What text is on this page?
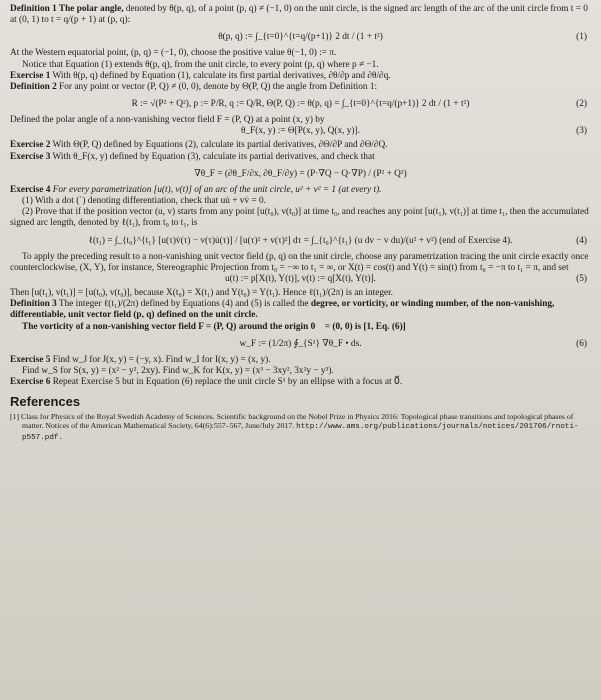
Definition 1 The polar angle, denoted by θ(p, q), of a point (p, q) ≠ (−1, 0) on the unit circle, is the signed arc length of the arc of the unit circle from t = 0 at (0, 1) to t = q/(p + 1) at (p, q):

θ(p, q) := ∫_{t=0}^{t=q/(p+1)} 2 dt / (1 + t²)	(1)

At the Western equatorial point, (p, q) = (−1, 0), choose the positive value θ(−1, 0) := π.

Notice that Equation (1) extends θ(p, q), from the unit circle, to every point (p, q) where p ≠ −1.

Exercise 1 With θ(p, q) defined by Equation (1), calculate its first partial derivatives, ∂θ/∂p and ∂θ/∂q.

Definition 2 For any point or vector (P, Q) ≠ (0, 0), denote by Θ(P, Q) the angle from Definition 1:

R := √(P² + Q²), p := P/R, q := Q/R, Θ(P, Q) := θ(p, q) = ∫_{t=0}^{t=q/(p+1)} 2 dt / (1 + t²)	(2)

Defined the polar angle of a non-vanishing vector field F = (P, Q) at a point (x, y) by

θ_F(x, y) := Θ[P(x, y), Q(x, y)].	(3)

Exercise 2 With Θ(P, Q) defined by Equations (2), calculate its partial derivatives, ∂Θ/∂P and ∂Θ/∂Q.

Exercise 3 With θ_F(x, y) defined by Equation (3), calculate its partial derivatives, and check that

∇θ_F = (∂θ_F/∂x, ∂θ_F/∂y) = (P·∇Q − Q·∇P) / (P² + Q²)

Exercise 4 For every parametrization [u(t), v(t)] of an arc of the unit circle, u² + v² = 1 (at every t).

(1) With a dot (˙) denoting differentiation, check that uu̇ + vv̇ = 0.

(2) Prove that if the position vector (u, v) starts from any point [u(t₀), v(t₀)] at time t₀, and reaches any point [u(t₁), v(t₁)] at time t₁, then the accumulated signed arc length, denoted by ℓ(t₁), from t₀ to t₁, is

ℓ(t₁) = ∫_{t₀}^{t₁} [u(τ)v̇(τ) − v(τ)u̇(τ)] / [u(τ)² + v(τ)²] dτ = ∫_{t₀}^{t₁} (u dv − v du)/(u² + v²) (end of Exercise 4).	(4)

To apply the preceding result to a non-vanishing unit vector field (p, q) on the unit circle, choose any parametrization tracing the unit circle exactly once counterclockwise, (X, Y), for instance, Stereographic Projection from t₀ = −∞ to t₁ = ∞, or X(t) = cos(t) and Y(t) = sin(t) from t₀ = −π to t₁ = π, and set

u(t) := p[X(t), Y(t)], v(t) := q[X(t), Y(t)].	(5)

Then [u(t₁), v(t₁)] = [u(t₀), v(t₀)], because X(t₀) = X(t₁) and Y(t₀) = Y(t₁). Hence ℓ(t₁)/(2π) is an integer.

Definition 3 The integer ℓ(t₁)/(2π) defined by Equations (4) and (5) is called the degree, or vorticity, or winding number, of the non-vanishing, differentiable, unit vector field (p, q) defined on the unit circle.

The vorticity of a non-vanishing vector field F = (P, Q) around the origin 0⃗ = (0, 0) is [1, Eq. (6)]

w_F := (1/2π) ∮_{S¹} ∇θ_F • ds.	(6)

Exercise 5 Find w_J for J(x, y) = (−y, x). Find w_I for I(x, y) = (x, y).

Find w_S for S(x, y) = (x² − y², 2xy). Find w_K for K(x, y) = (x³ − 3xy², 3x²y − y³).

Exercise 6 Repeat Exercise 5 but in Equation (6) replace the unit circle S¹ by an ellipse with a focus at 0⃗.

References

[1] Class for Physics of the Royal Swedish Academy of Sciences. Scientific background on the Nobel Prize in Physics 2016: Topological phase transitions and topological phases of matter. Notices of the American Mathematical Society, 64(6):557–567, June/July 2017. http://www.ams.org/publications/journals/notices/201706/rnoti-p557.pdf.
